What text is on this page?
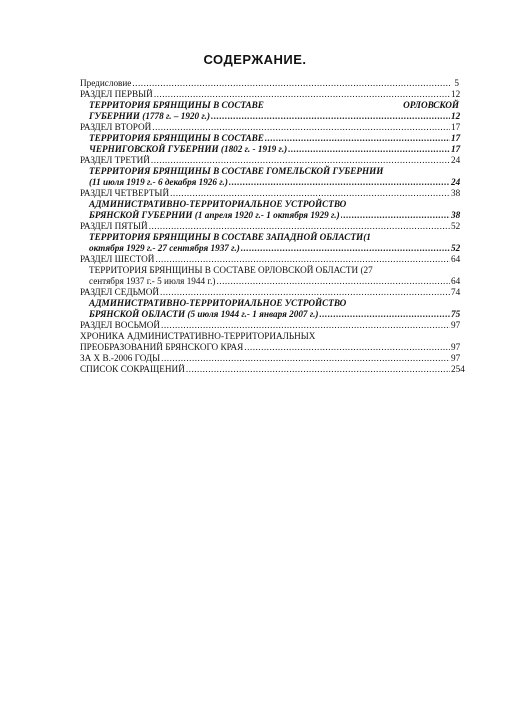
СОДЕРЖАНИЕ.
Предисловие .....	5
РАЗДЕЛ ПЕРВЫЙ .....	12
ТЕРРИТОРИЯ БРЯНЩИНЫ В СОСТАВЕ	ОРЛОВСКОЙ
ГУБЕРНИИ (1778 г. – 1920 г.) .....	12
РАЗДЕЛ ВТОРОЙ .....	17
ТЕРРИТОРИЯ БРЯНЩИНЫ В СОСТАВЕ .....	17
ЧЕРНИГОВСКОЙ ГУБЕРНИИ (1802 г. - 1919 г.) .....	17
РАЗДЕЛ ТРЕТИЙ .....	24
ТЕРРИТОРИЯ БРЯНЩИНЫ В СОСТАВЕ ГОМЕЛЬСКОЙ ГУБЕРНИИ
(11 июля 1919 г.- 6 декабря 1926 г.) .....	24
РАЗДЕЛ ЧЕТВЕРТЫЙ .....	38
АДМИНИСТРАТИВНО-ТЕРРИТОРИАЛЬНОЕ УСТРОЙСТВО
БРЯНСКОЙ ГУБЕРНИИ (1 апреля 1920 г.- 1 октября 1929 г.) .....	38
РАЗДЕЛ ПЯТЫЙ .....	52
ТЕРРИТОРИЯ БРЯНЩИНЫ В СОСТАВЕ ЗАПАДНОЙ ОБЛАСТИ(1
октября 1929 г.- 27 сентября 1937 г.) .....	52
РАЗДЕЛ ШЕСТОЙ .....	64
ТЕРРИТОРИЯ БРЯНЩИНЫ В СОСТАВЕ ОРЛОВСКОЙ ОБЛАСТИ (27
сентября 1937 г.- 5 июля 1944 г.) .....	64
РАЗДЕЛ СЕДЬМОЙ .....	74
АДМИНИСТРАТИВНО-ТЕРРИТОРИАЛЬНОЕ УСТРОЙСТВО
БРЯНСКОЙ ОБЛАСТИ (5 июля 1944 г.- 1 января 2007 г.) .....	75
РАЗДЕЛ ВОСЬМОЙ .....	97
ХРОНИКА АДМИНИСТРАТИВНО-ТЕРРИТОРИАЛЬНЫХ
ПРЕОБРАЗОВАНИЙ БРЯНСКОГО КРАЯ .....	97
ЗА Х В.-2006 ГОДЫ .....	97
СПИСОК СОКРАЩЕНИЙ .....	254
